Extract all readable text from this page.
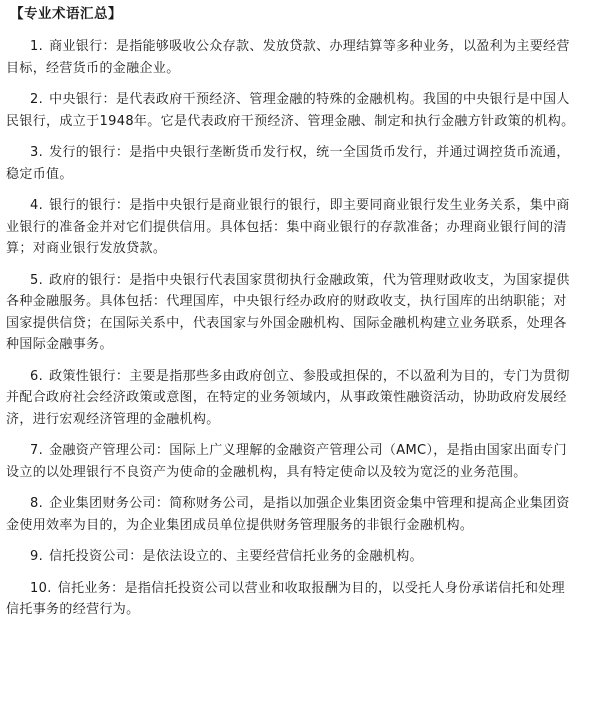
【专业术语汇总】
1. 商业银行：是指能够吸收公众存款、发放贷款、办理结算等多种业务，以盈利为主要经营目标，经营货币的金融企业。
2. 中央银行：是代表政府干预经济、管理金融的特殊的金融机构。我国的中央银行是中国人民银行，成立于1948年。它是代表政府干预经济、管理金融、制定和执行金融方针政策的机构。
3. 发行的银行：是指中央银行垄断货币发行权，统一全国货币发行，并通过调控货币流通，稳定币值。
4. 银行的银行：是指中央银行是商业银行的银行，即主要同商业银行发生业务关系，集中商业银行的准备金并对它们提供信用。具体包括：集中商业银行的存款准备；办理商业银行间的清算；对商业银行发放贷款。
5. 政府的银行：是指中央银行代表国家贯彻执行金融政策，代为管理财政收支，为国家提供各种金融服务。具体包括：代理国库，中央银行经办政府的财政收支，执行国库的出纳职能；对国家提供信贷；在国际关系中，代表国家与外国金融机构、国际金融机构建立业务联系，处理各种国际金融事务。
6. 政策性银行：主要是指那些多由政府创立、参股或担保的，不以盈利为目的，专门为贯彻并配合政府社会经济政策或意图，在特定的业务领域内，从事政策性融资活动，协助政府发展经济，进行宏观经济管理的金融机构。
7. 金融资产管理公司：国际上广义理解的金融资产管理公司（AMC），是指由国家出面专门设立的以处理银行不良资产为使命的金融机构，具有特定使命以及较为宽泛的业务范围。
8. 企业集团财务公司：简称财务公司，是指以加强企业集团资金集中管理和提高企业集团资金使用效率为目的，为企业集团成员单位提供财务管理服务的非银行金融机构。
9. 信托投资公司：是依法设立的、主要经营信托业务的金融机构。
10. 信托业务：是指信托投资公司以营业和收取报酬为目的，以受托人身份承诺信托和处理信托事务的经营行为。
